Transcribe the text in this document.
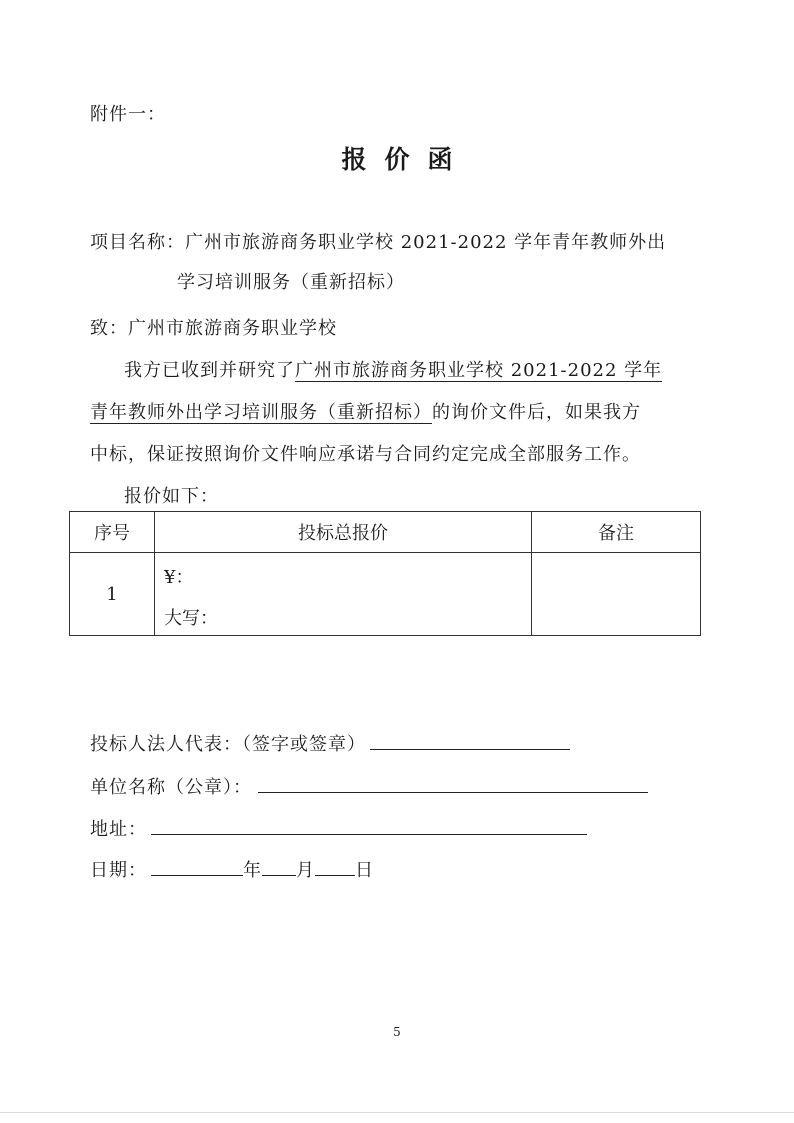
附件一：
报价函
项目名称：广州市旅游商务职业学校 2021-2022 学年青年教师外出
学习培训服务（重新招标）
致：广州市旅游商务职业学校
我方已收到并研究了广州市旅游商务职业学校 2021-2022 学年
青年教师外出学习培训服务（重新招标）的询价文件后，如果我方
中标，保证按照询价文件响应承诺与合同约定完成全部服务工作。
报价如下：
序号	投标总报价	备注
1	¥：
大写：	

投标人法人代表：（签字或签章）
单位名称（公章）：
地址：
日期：	年 月 日
5
